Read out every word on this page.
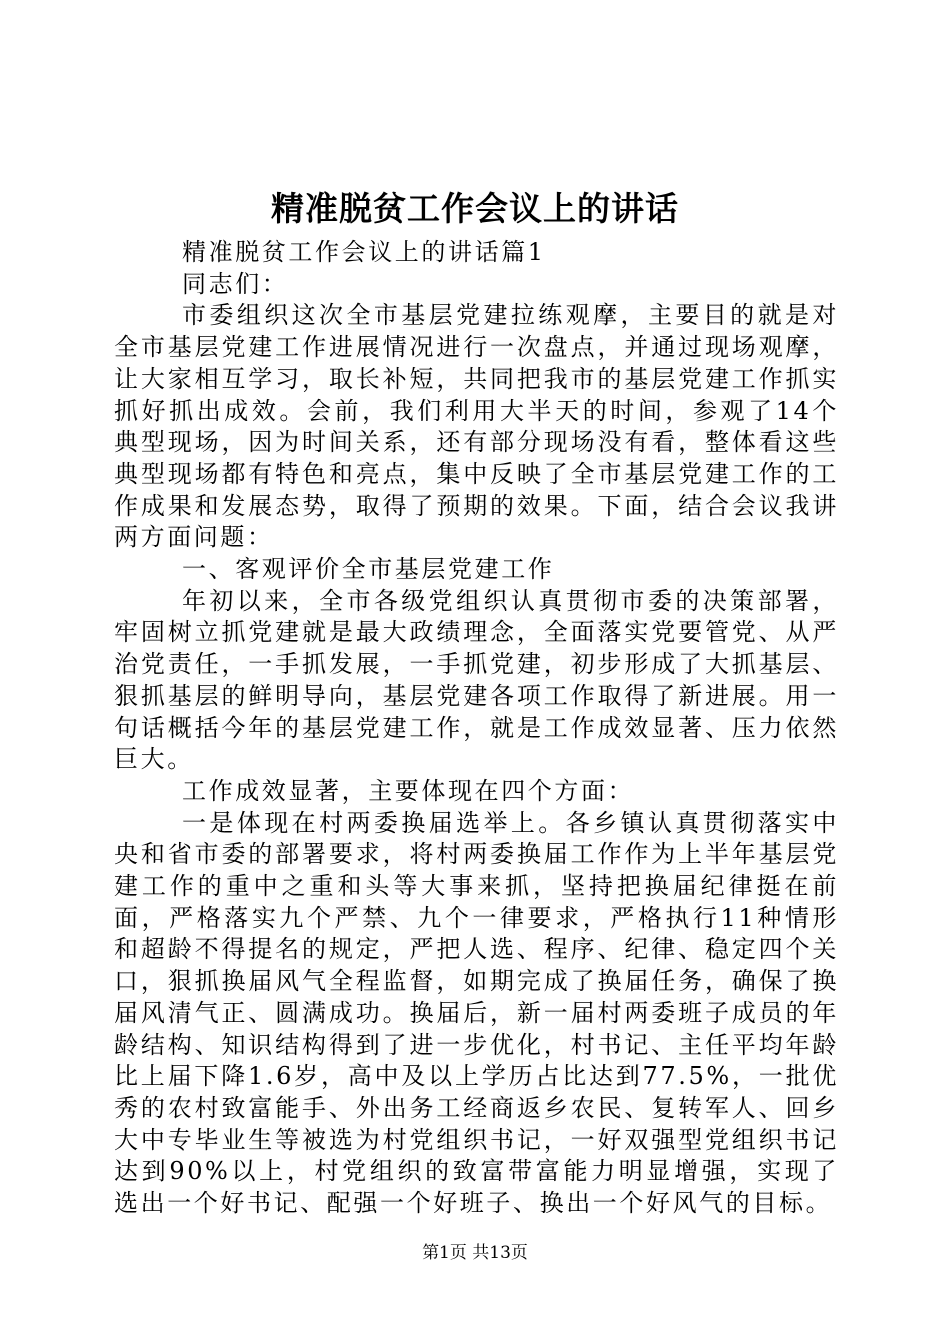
精准脱贫工作会议上的讲话

精准脱贫工作会议上的讲话篇1

同志们：

市委组织这次全市基层党建拉练观摩，主要目的就是对全市基层党建工作进展情况进行一次盘点，并通过现场观摩，让大家相互学习，取长补短，共同把我市的基层党建工作抓实抓好抓出成效。会前，我们利用大半天的时间，参观了14个典型现场，因为时间关系，还有部分现场没有看，整体看这些典型现场都有特色和亮点，集中反映了全市基层党建工作的工作成果和发展态势，取得了预期的效果。下面，结合会议我讲两方面问题：

一、客观评价全市基层党建工作

年初以来，全市各级党组织认真贯彻市委的决策部署，牢固树立抓党建就是最大政绩理念，全面落实党要管党、从严治党责任，一手抓发展，一手抓党建，初步形成了大抓基层、狠抓基层的鲜明导向，基层党建各项工作取得了新进展。用一句话概括今年的基层党建工作，就是工作成效显著、压力依然巨大。

工作成效显著，主要体现在四个方面：

一是体现在村两委换届选举上。各乡镇认真贯彻落实中央和省市委的部署要求，将村两委换届工作作为上半年基层党建工作的重中之重和头等大事来抓，坚持把换届纪律挺在前面，严格落实九个严禁、九个一律要求，严格执行11种情形和超龄不得提名的规定，严把人选、程序、纪律、稳定四个关口，狠抓换届风气全程监督，如期完成了换届任务，确保了换届风清气正、圆满成功。换届后，新一届村两委班子成员的年龄结构、知识结构得到了进一步优化，村书记、主任平均年龄比上届下降1.6岁，高中及以上学历占比达到77.5%，一批优秀的农村致富能手、外出务工经商返乡农民、复转军人、回乡大中专毕业生等被选为村党组织书记，一好双强型党组织书记达到90%以上，村党组织的致富带富能力明显增强，实现了选出一个好书记、配强一个好班子、换出一个好风气的目标。

第1页 共13页
